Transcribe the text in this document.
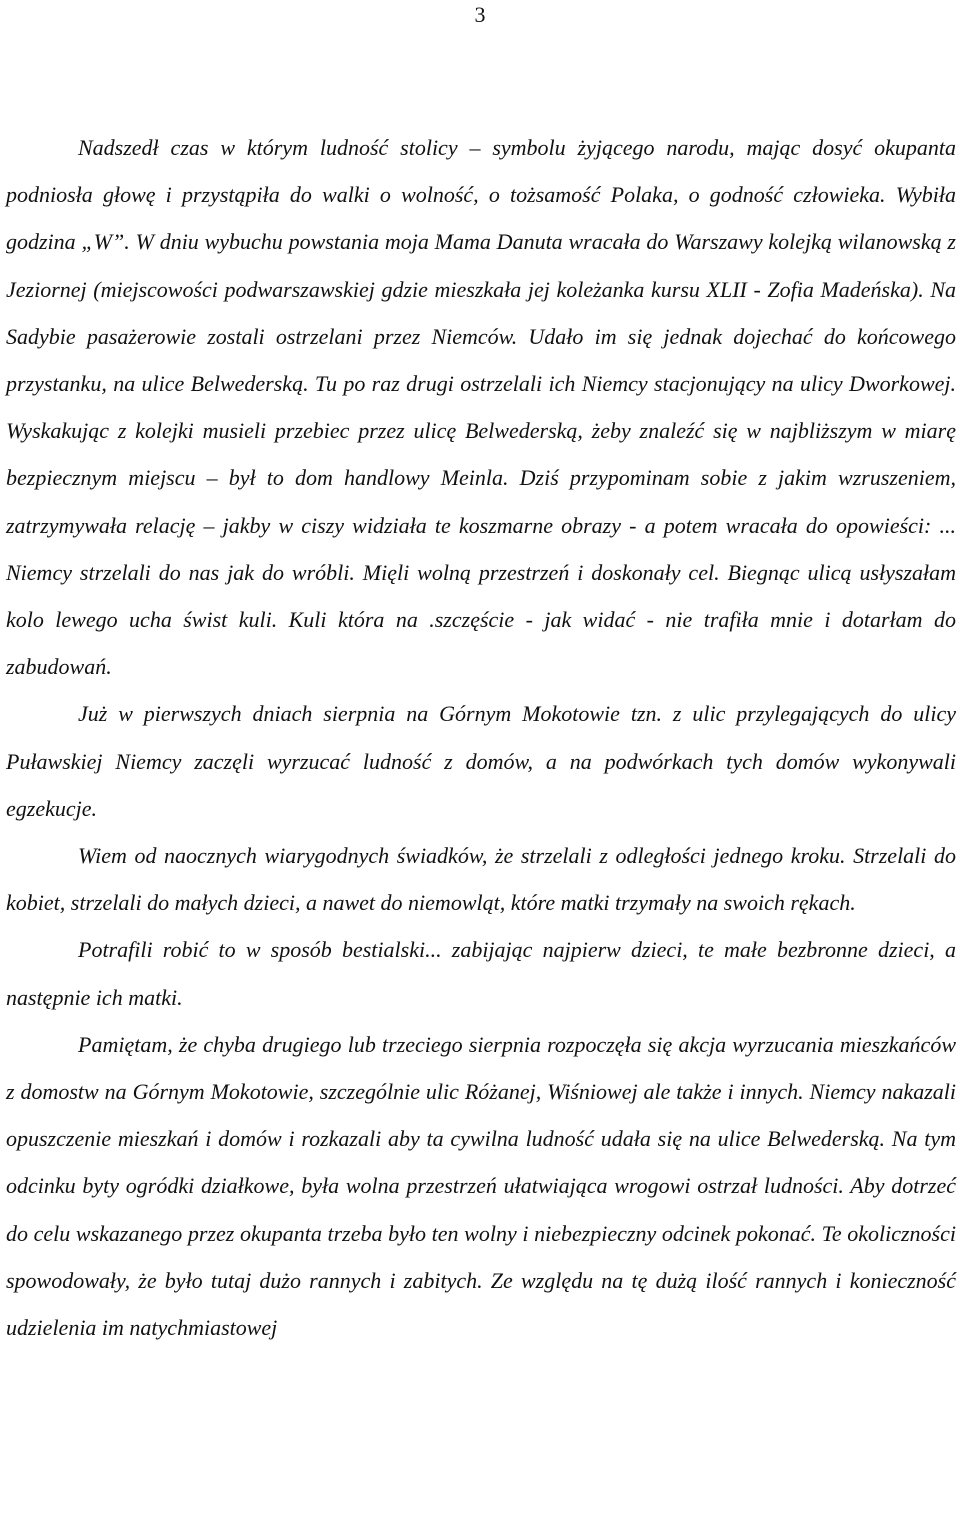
3

Nadszedł czas w którym ludność stolicy – symbolu żyjącego narodu, mając dosyć okupanta podniosła głowę i przystąpiła do walki o wolność, o tożsamość Polaka, o godność człowieka. Wybiła godzina „W”. W dniu wybuchu powstania moja Mama Danuta wracała do Warszawy kolejką wilanowską z Jeziornej (miejscowości podwarszawskiej gdzie mieszkała jej koleżanka kursu XLII - Zofia Madeńska). Na Sadybie pasażerowie zostali ostrzelani przez Niemców. Udało im się jednak dojechać do końcowego przystanku, na ulice Belwederską. Tu po raz drugi ostrzelali ich Niemcy stacjonujący na ulicy Dworkowej. Wyskakując z kolejki musieli przebiec przez ulicę Belwederską, żeby znaleźć się w najbliższym w miarę bezpiecznym miejscu – był to dom handlowy Meinla. Dziś przypominam sobie z jakim wzruszeniem, zatrzymywała relację – jakby w ciszy widziała te koszmarne obrazy - a potem wracała do opowieści: ... Niemcy strzelali do nas jak do wróbli. Mięli wolną przestrzeń i doskonały cel. Biegnąc ulicą usłyszałam kolo lewego ucha świst kuli. Kuli która na .szczęście - jak widać - nie trafiła mnie i dotarłam do zabudowań.

Już w pierwszych dniach sierpnia na Górnym Mokotowie tzn. z ulic przylegających do ulicy Puławskiej Niemcy zaczęli wyrzucać ludność z domów, a na podwórkach tych domów wykonywali egzekucje.

Wiem od naocznych wiarygodnych świadków, że strzelali z odległości jednego kroku. Strzelali do kobiet, strzelali do małych dzieci, a nawet do niemowląt, które matki trzymały na swoich rękach.

Potrafili robić to w sposób bestialski... zabijając najpierw dzieci, te małe bezbronne dzieci, a następnie ich matki.

Pamiętam, że chyba drugiego lub trzeciego sierpnia rozpoczęła się akcja wyrzucania mieszkańców z domostw na Górnym Mokotowie, szczególnie ulic Różanej, Wiśniowej ale także i innych. Niemcy nakazali opuszczenie mieszkań i domów i rozkazali aby ta cywilna ludność udała się na ulice Belwederską. Na tym odcinku byty ogródki działkowe, była wolna przestrzeń ułatwiająca wrogowi ostrzał ludności. Aby dotrzeć do celu wskazanego przez okupanta trzeba było ten wolny i niebezpieczny odcinek pokonać. Te okoliczności spowodowały, że było tutaj dużo rannych i zabitych. Ze względu na tę dużą ilość rannych i konieczność udzielenia im natychmiastowej
